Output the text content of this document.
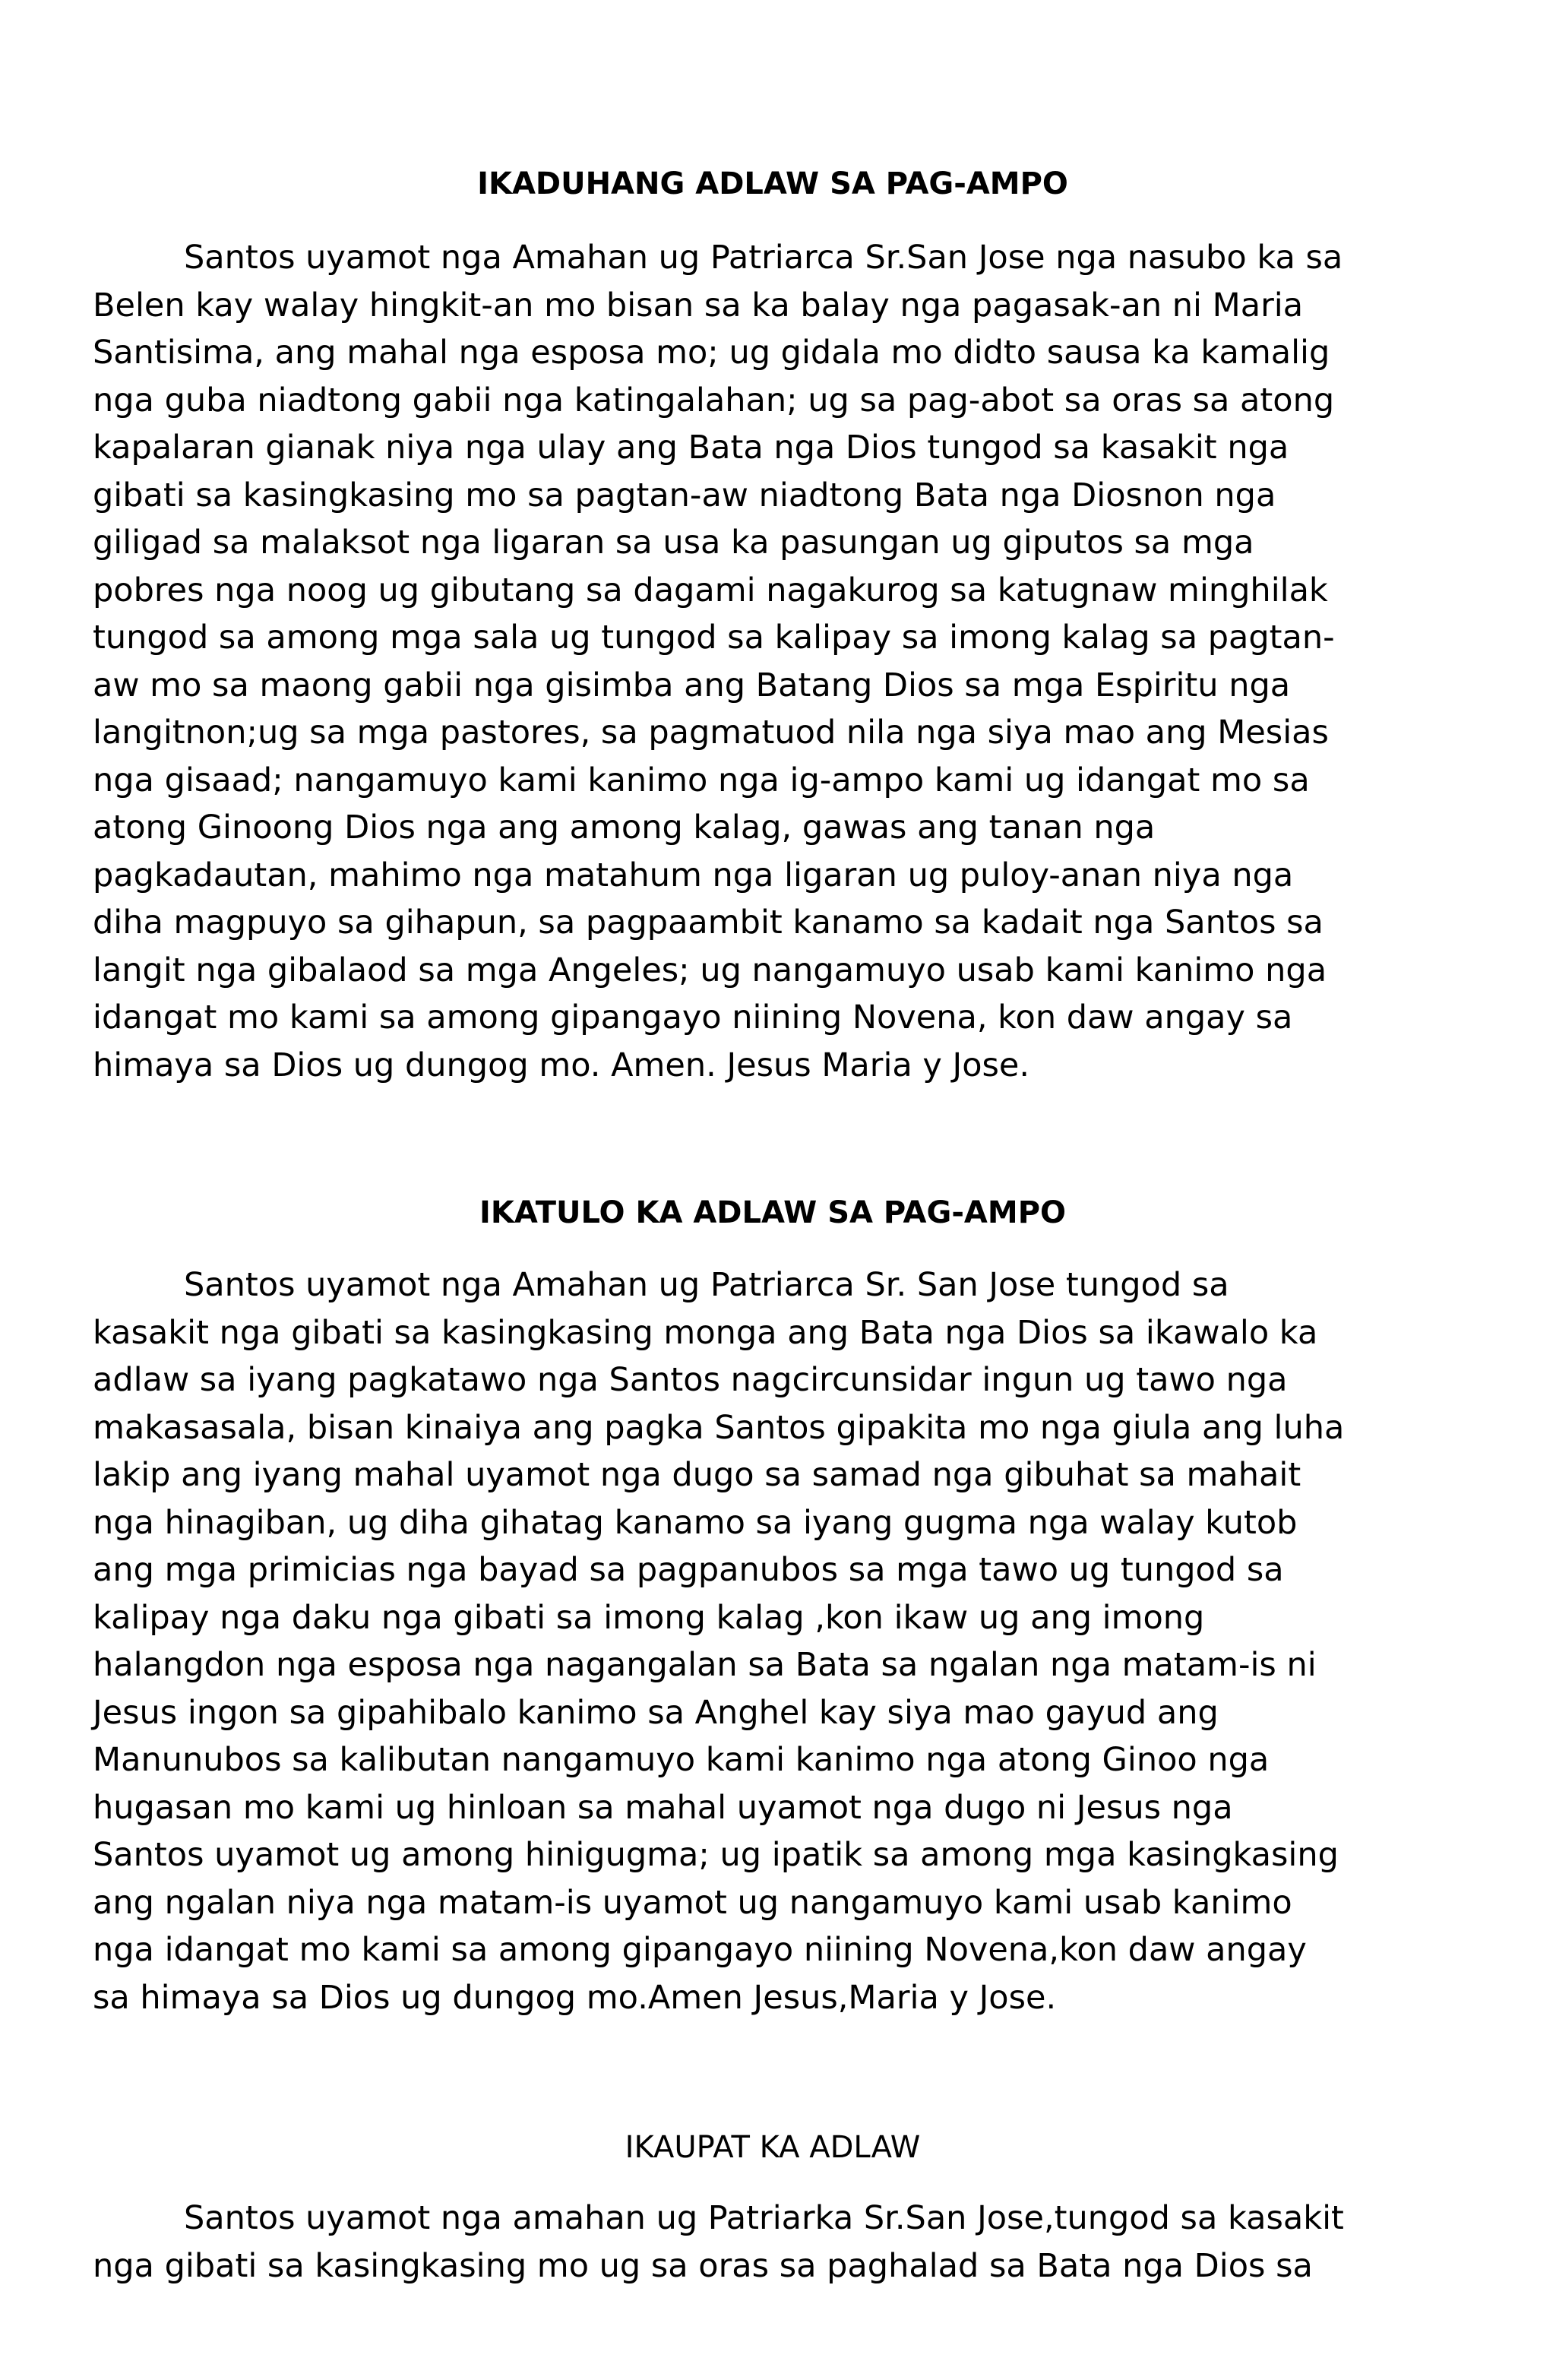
IKADUHANG ADLAW SA PAG-AMPO
Santos uyamot nga Amahan ug Patriarca Sr.San Jose nga nasubo ka sa
Belen kay walay hingkit-an mo bisan sa ka balay nga pagasak-an ni Maria
Santisima, ang mahal nga esposa mo; ug gidala mo didto sausa ka kamalig
nga guba niadtong gabii nga katingalahan; ug sa pag-abot sa oras sa atong
kapalaran gianak niya nga ulay ang Bata nga Dios tungod sa kasakit nga
gibati sa kasingkasing mo sa pagtan-aw niadtong Bata nga Diosnon nga
giligad sa malaksot nga ligaran sa usa ka pasungan ug giputos sa mga
pobres nga noog ug gibutang sa dagami nagakurog sa katugnaw minghilak
tungod sa among mga sala ug tungod sa kalipay sa imong kalag sa pagtan-
aw mo sa maong gabii nga gisimba ang Batang Dios sa mga Espiritu nga
langitnon;ug sa mga pastores, sa pagmatuod nila nga siya mao ang Mesias
nga gisaad; nangamuyo kami kanimo nga ig-ampo kami ug idangat mo sa
atong Ginoong Dios nga ang among kalag, gawas ang tanan nga
pagkadautan, mahimo nga matahum nga ligaran ug puloy-anan niya nga
diha magpuyo sa gihapun, sa pagpaambit kanamo sa kadait nga Santos sa
langit nga gibalaod sa mga Angeles; ug nangamuyo usab kami kanimo nga
idangat mo kami sa among gipangayo niining Novena, kon daw angay sa
himaya sa Dios ug dungog mo. Amen. Jesus Maria y Jose.
IKATULO KA ADLAW SA PAG-AMPO
Santos uyamot nga Amahan ug Patriarca Sr. San Jose tungod sa
kasakit nga gibati sa kasingkasing monga ang Bata nga Dios sa ikawalo ka
adlaw sa iyang pagkatawo nga Santos nagcircunsidar ingun ug tawo nga
makasasala, bisan kinaiya ang pagka Santos gipakita mo nga giula ang luha
lakip ang iyang mahal uyamot nga dugo sa samad nga gibuhat sa mahait
nga hinagiban, ug diha gihatag kanamo sa iyang gugma nga walay kutob
ang mga primicias nga bayad sa pagpanubos sa mga tawo ug tungod sa
kalipay nga daku nga gibati sa imong kalag ,kon ikaw ug ang imong
halangdon nga esposa nga nagangalan sa Bata sa ngalan nga matam-is ni
Jesus ingon sa gipahibalo kanimo sa Anghel kay siya mao gayud ang
Manunubos sa kalibutan nangamuyo kami kanimo nga atong Ginoo nga
hugasan mo kami ug hinloan sa mahal uyamot nga dugo ni Jesus nga
Santos uyamot ug among hinigugma; ug ipatik sa among mga kasingkasing
ang ngalan niya nga matam-is uyamot ug nangamuyo kami usab kanimo
nga idangat mo kami sa among gipangayo niining Novena,kon daw angay
sa himaya sa Dios ug dungog mo.Amen Jesus,Maria y Jose.
IKAUPAT KA ADLAW
Santos uyamot nga amahan ug Patriarka Sr.San Jose,tungod sa kasakit
nga gibati sa kasingkasing mo ug sa oras sa paghalad sa Bata nga Dios sa
